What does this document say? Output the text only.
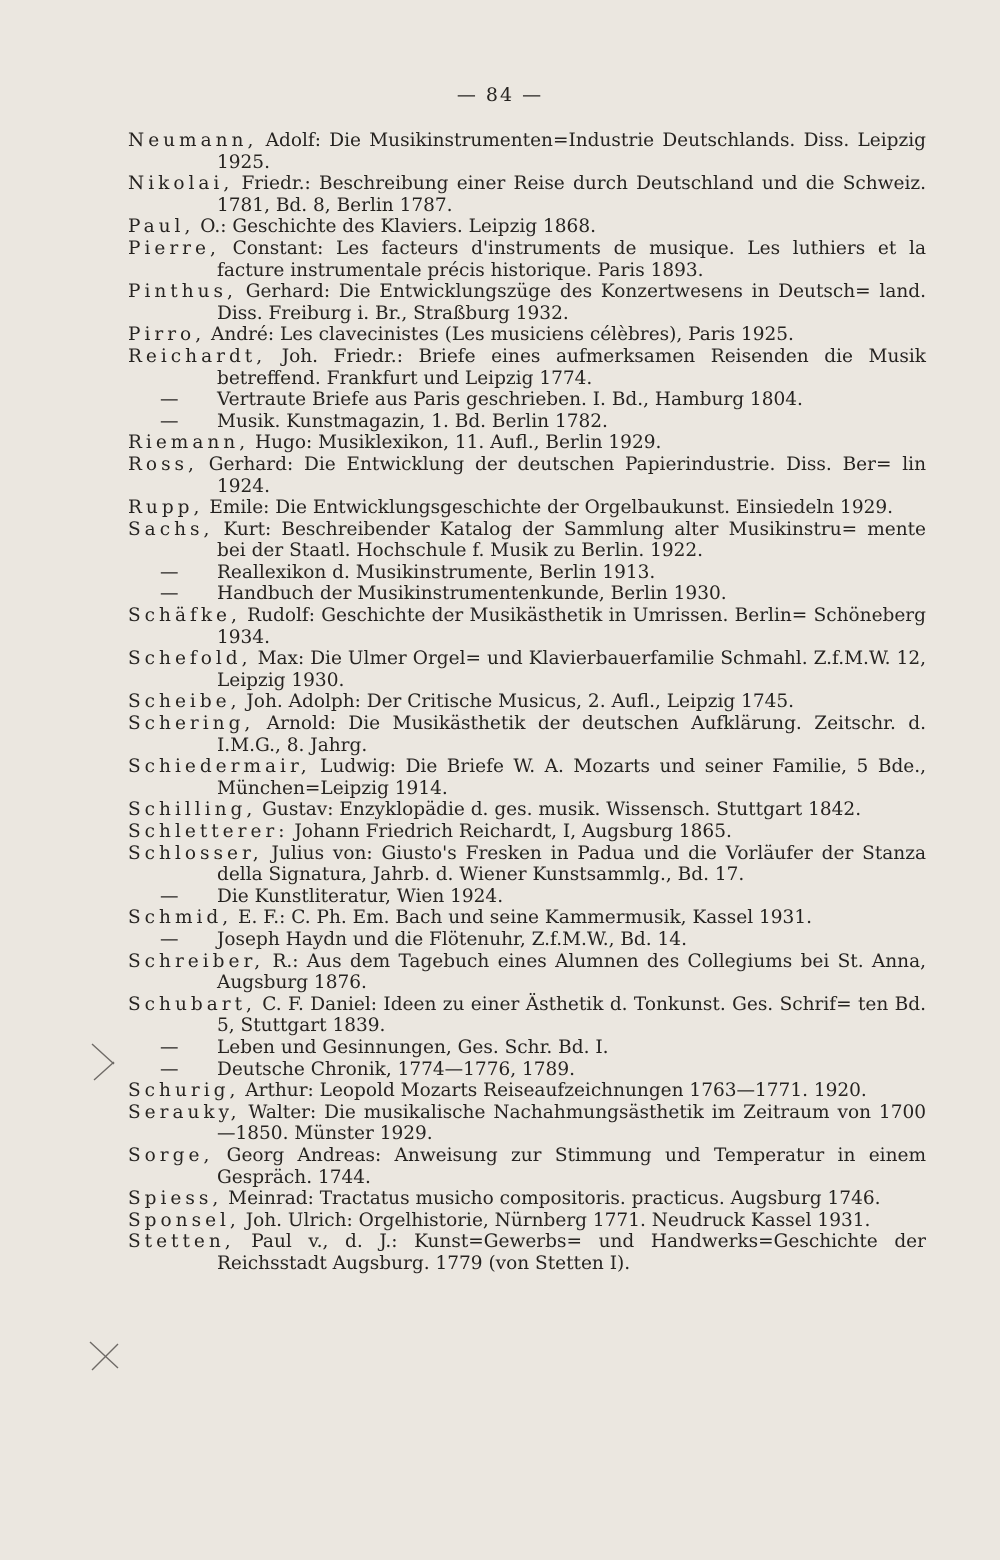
— 84 —
Neumann, Adolf: Die Musikinstrumenten=Industrie Deutschlands. Diss. Leipzig 1925.
Nikolai, Friedr.: Beschreibung einer Reise durch Deutschland und die Schweiz. 1781, Bd. 8, Berlin 1787.
Paul, O.: Geschichte des Klaviers. Leipzig 1868.
Pierre, Constant: Les facteurs d'instruments de musique. Les luthiers et la facture instrumentale précis historique. Paris 1893.
Pinthus, Gerhard: Die Entwicklungszüge des Konzertwesens in Deutsch= land. Diss. Freiburg i. Br., Straßburg 1932.
Pirro, André: Les clavecinistes (Les musiciens célèbres), Paris 1925.
Reichardt, Joh. Friedr.: Briefe eines aufmerksamen Reisenden die Musik betreffend. Frankfurt und Leipzig 1774.
— Vertraute Briefe aus Paris geschrieben. I. Bd., Hamburg 1804.
— Musik. Kunstmagazin, 1. Bd. Berlin 1782.
Riemann, Hugo: Musiklexikon, 11. Aufl., Berlin 1929.
Ross, Gerhard: Die Entwicklung der deutschen Papierindustrie. Diss. Ber= lin 1924.
Rupp, Emile: Die Entwicklungsgeschichte der Orgelbaukunst. Einsiedeln 1929.
Sachs, Kurt: Beschreibender Katalog der Sammlung alter Musikinstru= mente bei der Staatl. Hochschule f. Musik zu Berlin. 1922.
— Reallexikon d. Musikinstrumente, Berlin 1913.
— Handbuch der Musikinstrumentenkunde, Berlin 1930.
Schäfke, Rudolf: Geschichte der Musikästhetik in Umrissen. Berlin= Schöneberg 1934.
Schefold, Max: Die Ulmer Orgel= und Klavierbauerfamilie Schmahl. Z.f.M.W. 12, Leipzig 1930.
Scheibe, Joh. Adolph: Der Critische Musicus, 2. Aufl., Leipzig 1745.
Schering, Arnold: Die Musikästhetik der deutschen Aufklärung. Zeitschr. d. I.M.G., 8. Jahrg.
Schiedermair, Ludwig: Die Briefe W. A. Mozarts und seiner Familie, 5 Bde., München=Leipzig 1914.
Schilling, Gustav: Enzyklopädie d. ges. musik. Wissensch. Stuttgart 1842.
Schletterer: Johann Friedrich Reichardt, I, Augsburg 1865.
Schlosser, Julius von: Giusto's Fresken in Padua und die Vorläufer der Stanza della Signatura, Jahrb. d. Wiener Kunstsammlg., Bd. 17.
— Die Kunstliteratur, Wien 1924.
Schmid, E. F.: C. Ph. Em. Bach und seine Kammermusik, Kassel 1931.
— Joseph Haydn und die Flötenuhr, Z.f.M.W., Bd. 14.
Schreiber, R.: Aus dem Tagebuch eines Alumnen des Collegiums bei St. Anna, Augsburg 1876.
Schubart, C. F. Daniel: Ideen zu einer Ästhetik d. Tonkunst. Ges. Schrif= ten Bd. 5, Stuttgart 1839.
— Leben und Gesinnungen, Ges. Schr. Bd. I.
— Deutsche Chronik, 1774—1776, 1789.
Schurig, Arthur: Leopold Mozarts Reiseaufzeichnungen 1763—1771. 1920.
Serauky, Walter: Die musikalische Nachahmungsästhetik im Zeitraum von 1700—1850. Münster 1929.
Sorge, Georg Andreas: Anweisung zur Stimmung und Temperatur in einem Gespräch. 1744.
Spiess, Meinrad: Tractatus musicho compositoris. practicus. Augsburg 1746.
Sponsel, Joh. Ulrich: Orgelhistorie, Nürnberg 1771. Neudruck Kassel 1931.
Stetten, Paul v., d. J.: Kunst=Gewerbs= und Handwerks=Geschichte der Reichsstadt Augsburg. 1779 (von Stetten I).
